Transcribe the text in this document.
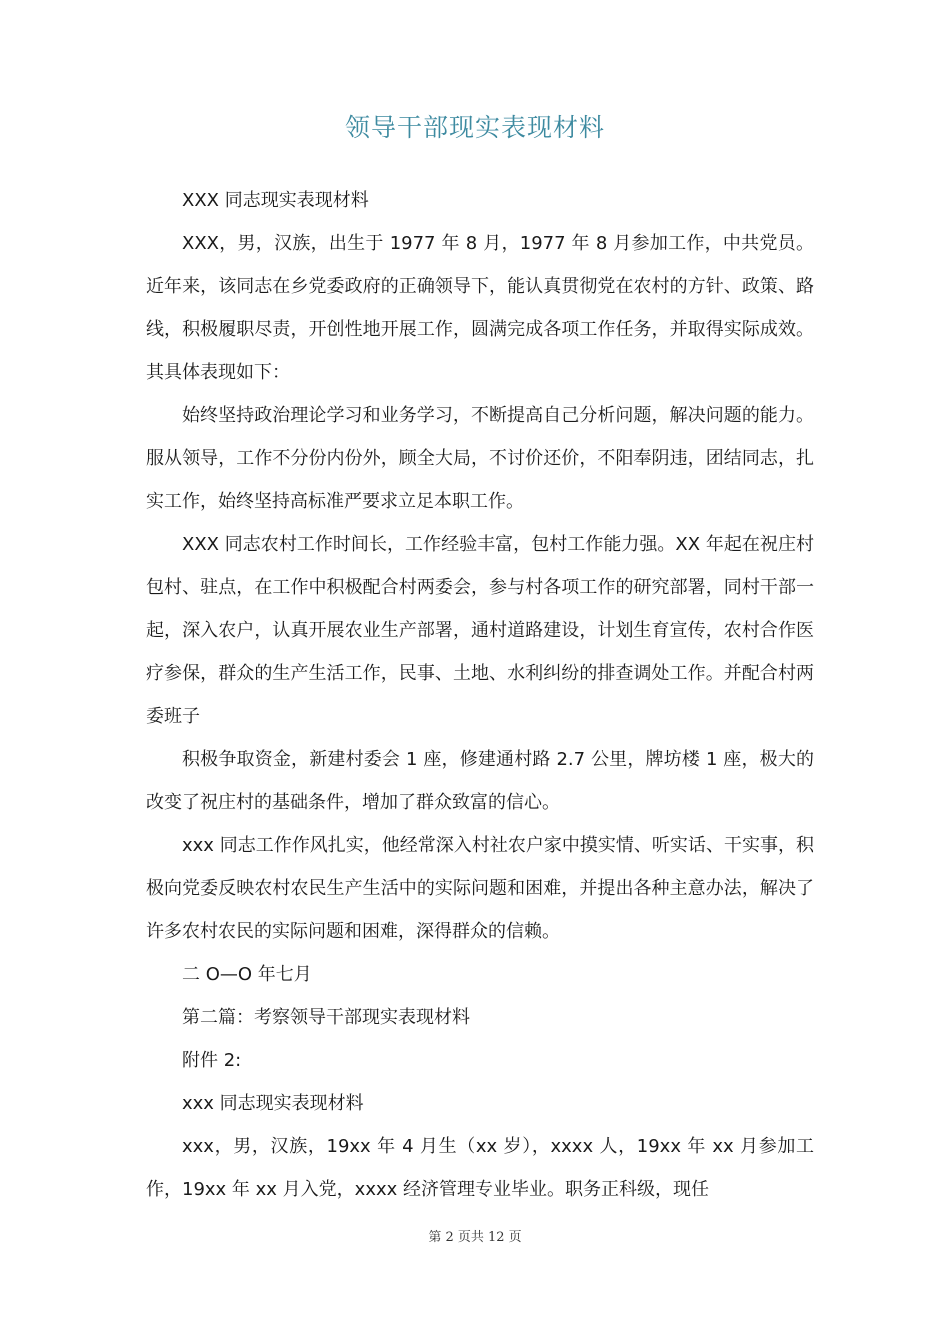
领导干部现实表现材料

XXX 同志现实表现材料

XXX，男，汉族，出生于 1977 年 8 月，1977 年 8 月参加工作，中共党员。近年来，该同志在乡党委政府的正确领导下，能认真贯彻党在农村的方针、政策、路线，积极履职尽责，开创性地开展工作，圆满完成各项工作任务，并取得实际成效。其具体表现如下：

始终坚持政治理论学习和业务学习，不断提高自己分析问题，解决问题的能力。服从领导，工作不分份内份外，顾全大局，不讨价还价，不阳奉阴违，团结同志，扎实工作，始终坚持高标准严要求立足本职工作。

XXX 同志农村工作时间长，工作经验丰富，包村工作能力强。XX 年起在祝庄村包村、驻点，在工作中积极配合村两委会，参与村各项工作的研究部署，同村干部一起，深入农户，认真开展农业生产部署，通村道路建设，计划生育宣传，农村合作医疗参保，群众的生产生活工作，民事、土地、水利纠纷的排查调处工作。并配合村两委班子

积极争取资金，新建村委会 1 座，修建通村路 2.7 公里，牌坊楼 1 座，极大的改变了祝庄村的基础条件，增加了群众致富的信心。

xxx 同志工作作风扎实，他经常深入村社农户家中摸实情、听实话、干实事，积极向党委反映农村农民生产生活中的实际问题和困难，并提出各种主意办法，解决了许多农村农民的实际问题和困难，深得群众的信赖。

二 O—O 年七月

第二篇：考察领导干部现实表现材料

附件 2:

xxx 同志现实表现材料

xxx，男，汉族，19xx 年 4 月生（xx 岁），xxxx 人，19xx 年 xx 月参加工作，19xx 年 xx 月入党，xxxx 经济管理专业毕业。职务正科级，现任

第 2 页共 12 页
